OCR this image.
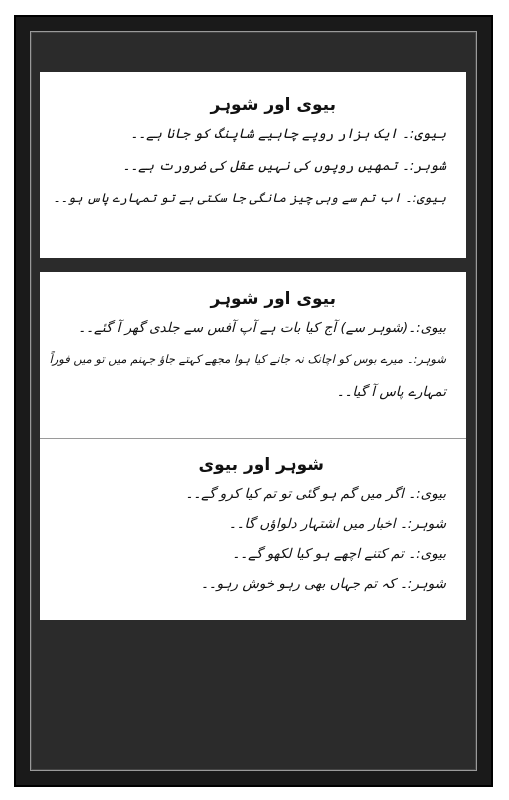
بیوی اور شوہر
بیوی:۔ ایک ہزار روپے چاہیے شاپنگ کو جانا ہے۔۔
شوہر:۔ تمھیں روپوں کی نہیں عقل کی ضرورت ہے۔۔
بیوی:۔ اب تم سے وہی چیز مانگی جا سکتی ہے تو تمہارے پاس ہو۔۔
بیوی اور شوہر
بیوی:۔(شوہر سے) آج کیا بات ہے آپ آفس سے جلدی گھر آ گئے۔۔
شوہر:۔ میرے بوس کو اچانک نہ جانے کیا ہوا مجھے کہتے جاؤ جہنم میں تو میں فوراً
تمہارے پاس آ گیا۔۔
شوہر اور بیوی
بیوی:۔ اگر میں گم ہو گئی تو تم کیا کرو گے۔۔
شوہر:۔ اخبار میں اشتہار دلواؤں گا۔۔
بیوی:۔ تم کتنے اچھے ہو کیا لکھو گے۔۔
شوہر:۔ کہ تم جہاں بھی رہو خوش رہو۔۔
